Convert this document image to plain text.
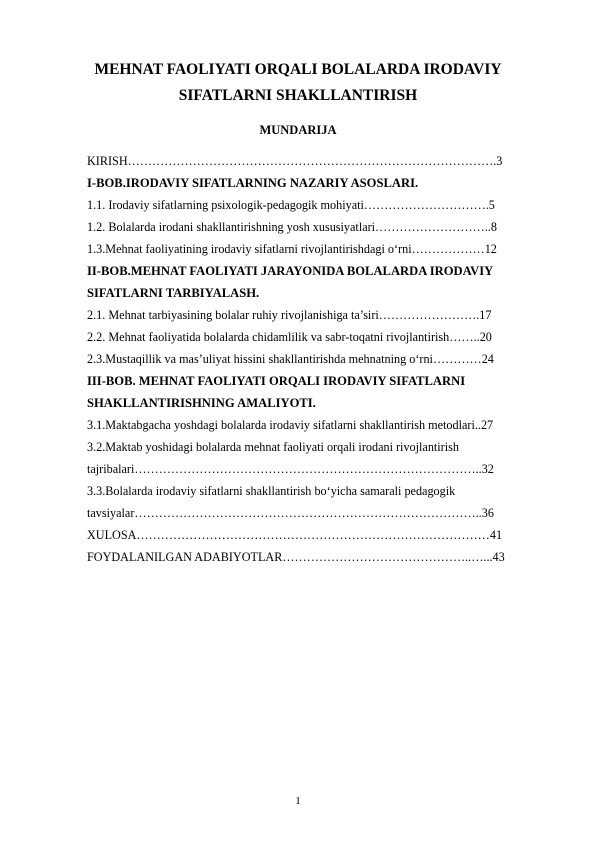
MEHNAT FAOLIYATI ORQALI BOLALARDA IRODAVIY
SIFATLARNI SHAKLLANTIRISH
MUNDARIJA
KIRISH……………………………………………………………………………….3
I-BOB.IRODAVIY SIFATLARNING NAZARIY ASOSLARI.
1.1. Irodaviy sifatlarning psixologik-pedagogik mohiyati………………………….5
1.2. Bolalarda irodani shakllantirishning yosh xususiyatlari………………………..8
1.3.Mehnat faoliyatining irodaviy sifatlarni rivojlantirishdagi o‘rni………………12
II-BOB.MEHNAT FAOLIYATI JARAYONIDA BOLALARDA IRODAVIY
SIFATLARNI TARBIYALASH.
2.1. Mehnat tarbiyasining bolalar ruhiy rivojlanishiga ta’siri…………………….17
2.2. Mehnat faoliyatida bolalarda chidamlilik va sabr-toqatni rivojlantirish……..20
2.3.Mustaqillik va mas’uliyat hissini shakllantirishda mehnatning o‘rni…………24
III-BOB. MEHNAT FAOLIYATI ORQALI IRODAVIY SIFATLARNI
SHAKLLANTIRISHNING AMALIYOTI.
3.1.Maktabgacha yoshdagi bolalarda irodaviy sifatlarni shakllantirish metodlari..27
3.2.Maktab yoshidagi bolalarda mehnat faoliyati orqali irodani rivojlantirish
tajribalari…………………………………………………………………………..32
3.3.Bolalarda irodaviy sifatlarni shakllantirish bo‘yicha samarali pedagogik
tavsiyalar…………………………………………………………………………..36
XULOSA……………………………………………………………………………41
FOYDALANILGAN ADABIYOTLAR………………………………………..…...43
1
